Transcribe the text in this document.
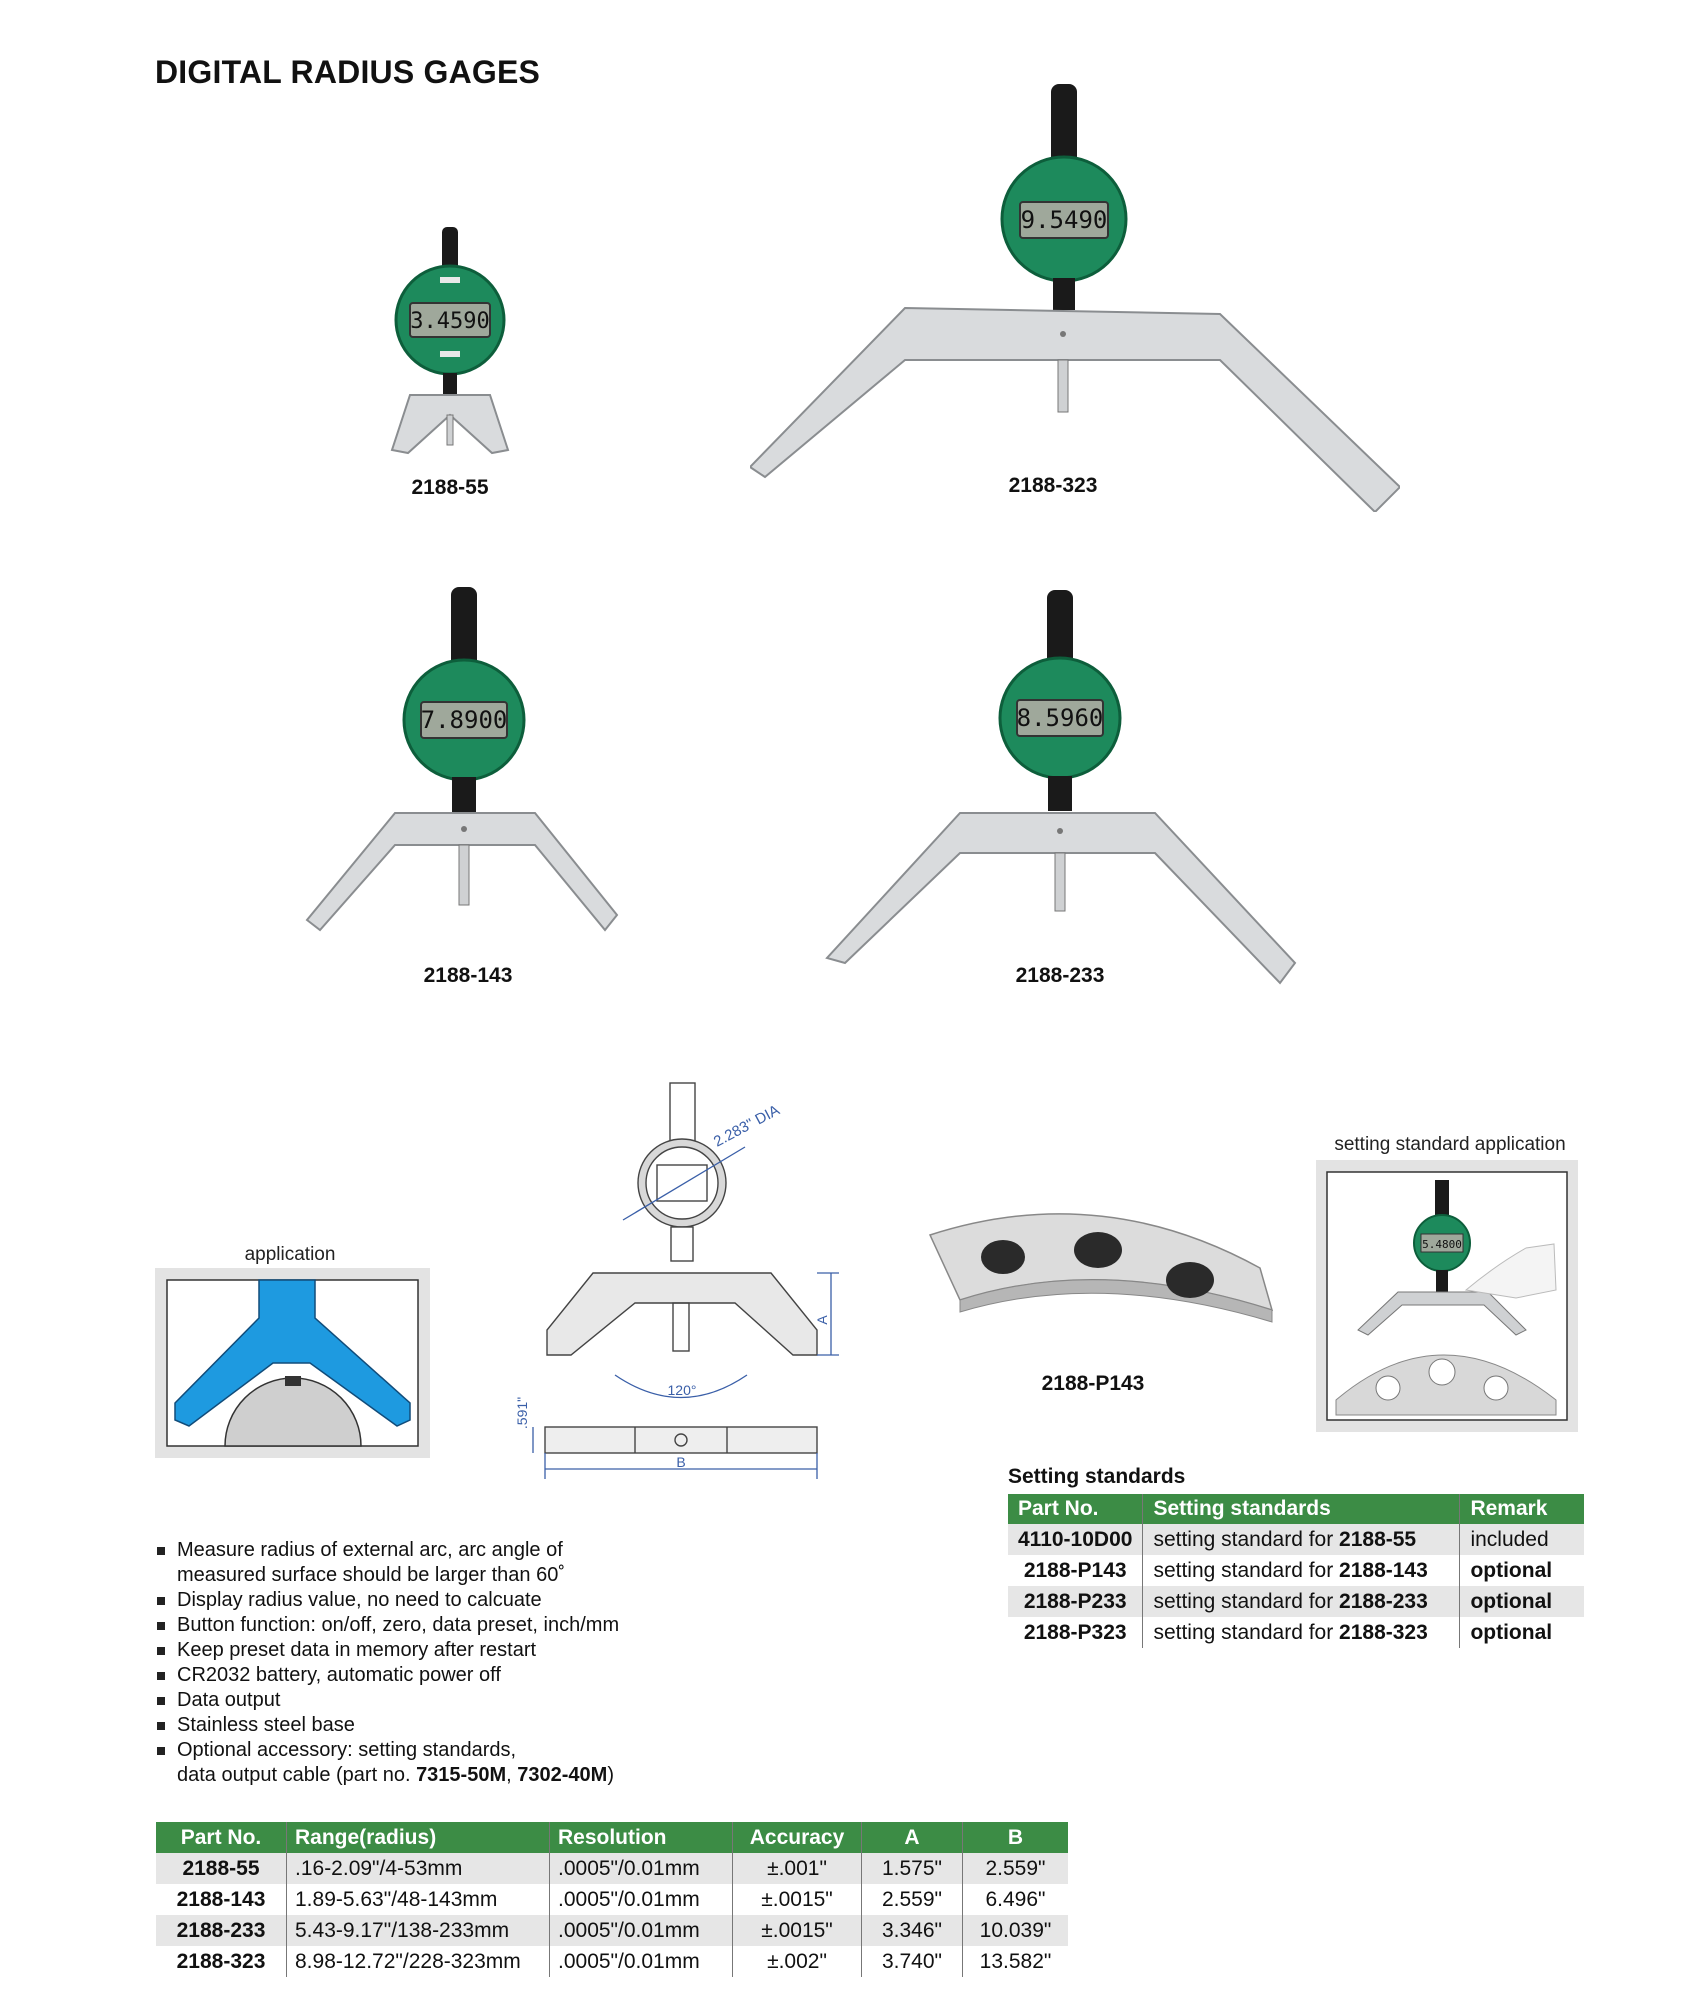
DIGITAL RADIUS GAGES
3.4590
2188-55
9.5490
2188-323
7.8900
2188-143
8.5960
2188-233
application
2.283" DIA
120°
A
B
.591"
2188-P143
setting standard application
5.4800
Setting standards
Part No.	Setting standards	Remark
4110-10D00	setting standard for 2188-55	included
2188-P143	setting standard for 2188-143	optional
2188-P233	setting standard for 2188-233	optional
2188-P323	setting standard for 2188-323	optional
Measure radius of external arc, arc angle of
measured surface should be larger than 60˚
Display radius value, no need to calcuate
Button function: on/off, zero, data preset, inch/mm
Keep preset data in memory after restart
CR2032 battery, automatic power off
Data output
Stainless steel base
Optional accessory: setting standards,
data output cable (part no. 7315-50M, 7302-40M)
Part No.	Range(radius)	Resolution	Accuracy	A	B
2188-55	.16-2.09"/4-53mm	.0005"/0.01mm	±.001"	1.575"	2.559"
2188-143	1.89-5.63"/48-143mm	.0005"/0.01mm	±.0015"	2.559"	6.496"
2188-233	5.43-9.17"/138-233mm	.0005"/0.01mm	±.0015"	3.346"	10.039"
2188-323	8.98-12.72"/228-323mm	.0005"/0.01mm	±.002"	3.740"	13.582"
